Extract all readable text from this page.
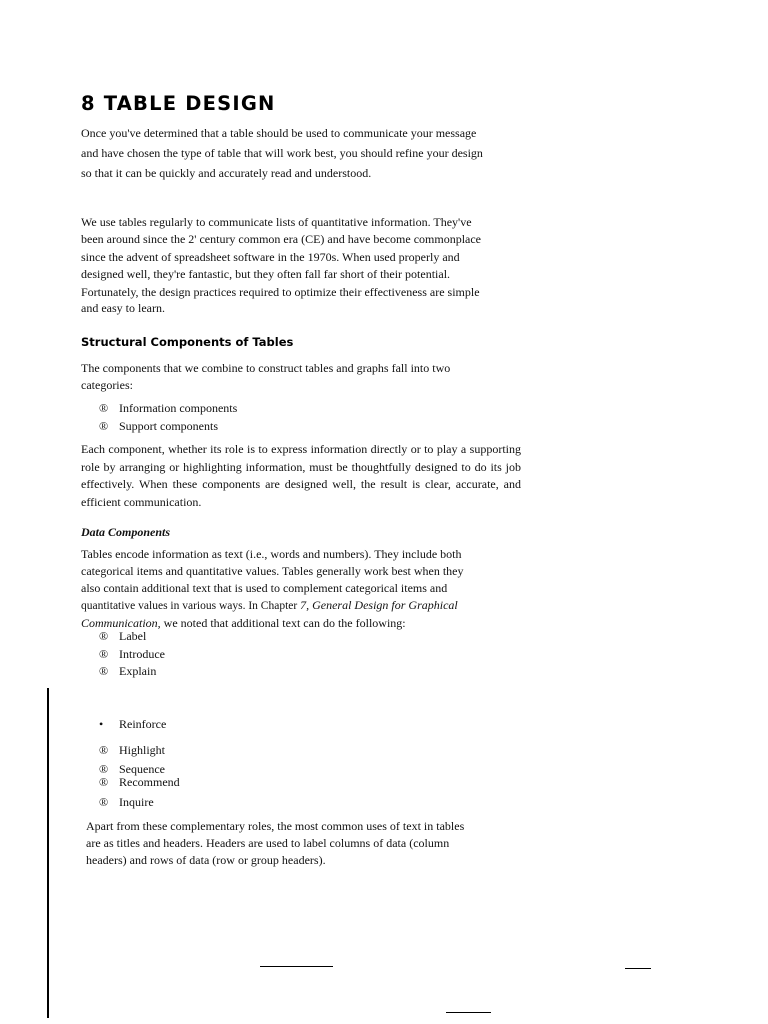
8 TABLE DESIGN
Once you've determined that a table should be used to communicate your message
and have chosen the type of table that will work best, you should refine your design
so that it can be quickly and accurately read and understood.
We use tables regularly to communicate lists of quantitative information. They've
been around since the 2' century common era (CE) and have become commonplace
since the advent of spreadsheet software in the 1970s. When used properly and
designed well, they're fantastic, but they often fall far short of their potential.
Fortunately, the design practices required to optimize their effectiveness are simple
and easy to learn.
Structural Components of Tables
The components that we combine to construct tables and graphs fall into two
categories:
® Information components
® Support components
Each component, whether its role is to express information directly or to play a supporting role by arranging or highlighting information, must be thoughtfully designed to do its job effectively. When these components are designed well, the result is clear, accurate, and efficient communication.
Data Components
Tables encode information as text (i.e., words and numbers). They include both
categorical items and quantitative values. Tables generally work best when they
also contain additional text that is used to complement categorical items and
quantitative values in various ways. In Chapter 7, General Design for Graphical
Communication, we noted that additional text can do the following:
® Label
® Introduce
® Explain
• Reinforce
® Highlight
® Sequence
® Recommend
® Inquire
Apart from these complementary roles, the most common uses of text in tables
are as titles and headers. Headers are used to label columns of data (column
headers) and rows of data (row or group headers).
